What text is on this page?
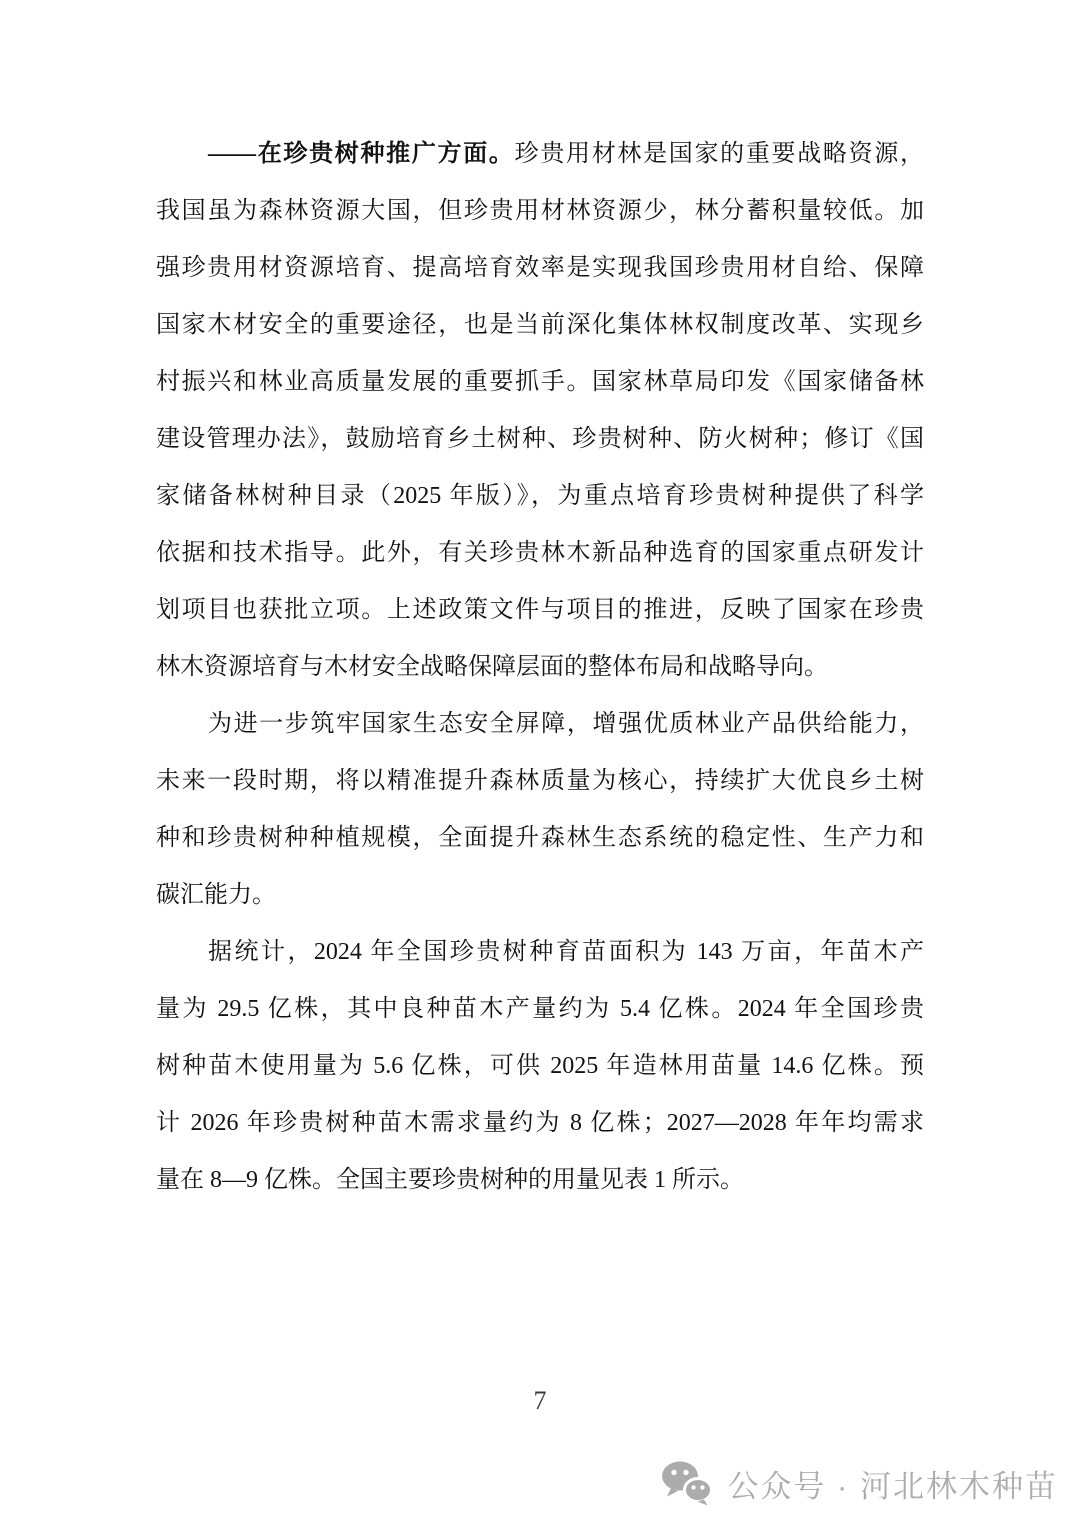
——在珍贵树种推广方面。珍贵用材林是国家的重要战略资源，
我国虽为森林资源大国，但珍贵用材林资源少，林分蓄积量较低。加
强珍贵用材资源培育、提高培育效率是实现我国珍贵用材自给、保障
国家木材安全的重要途径，也是当前深化集体林权制度改革、实现乡
村振兴和林业高质量发展的重要抓手。国家林草局印发《国家储备林
建设管理办法》，鼓励培育乡土树种、珍贵树种、防火树种；修订《国
家储备林树种目录（2025 年版）》，为重点培育珍贵树种提供了科学
依据和技术指导。此外，有关珍贵林木新品种选育的国家重点研发计
划项目也获批立项。上述政策文件与项目的推进，反映了国家在珍贵
林木资源培育与木材安全战略保障层面的整体布局和战略导向。
为进一步筑牢国家生态安全屏障，增强优质林业产品供给能力，
未来一段时期，将以精准提升森林质量为核心，持续扩大优良乡土树
种和珍贵树种种植规模，全面提升森林生态系统的稳定性、生产力和
碳汇能力。
据统计，2024 年全国珍贵树种育苗面积为 143 万亩，年苗木产
量为 29.5 亿株，其中良种苗木产量约为 5.4 亿株。2024 年全国珍贵
树种苗木使用量为 5.6 亿株，可供 2025 年造林用苗量 14.6 亿株。预
计 2026 年珍贵树种苗木需求量约为 8 亿株；2027—2028 年年均需求
量在 8—9 亿株。全国主要珍贵树种的用量见表 1 所示。
7
公众号 · 河北林木种苗
